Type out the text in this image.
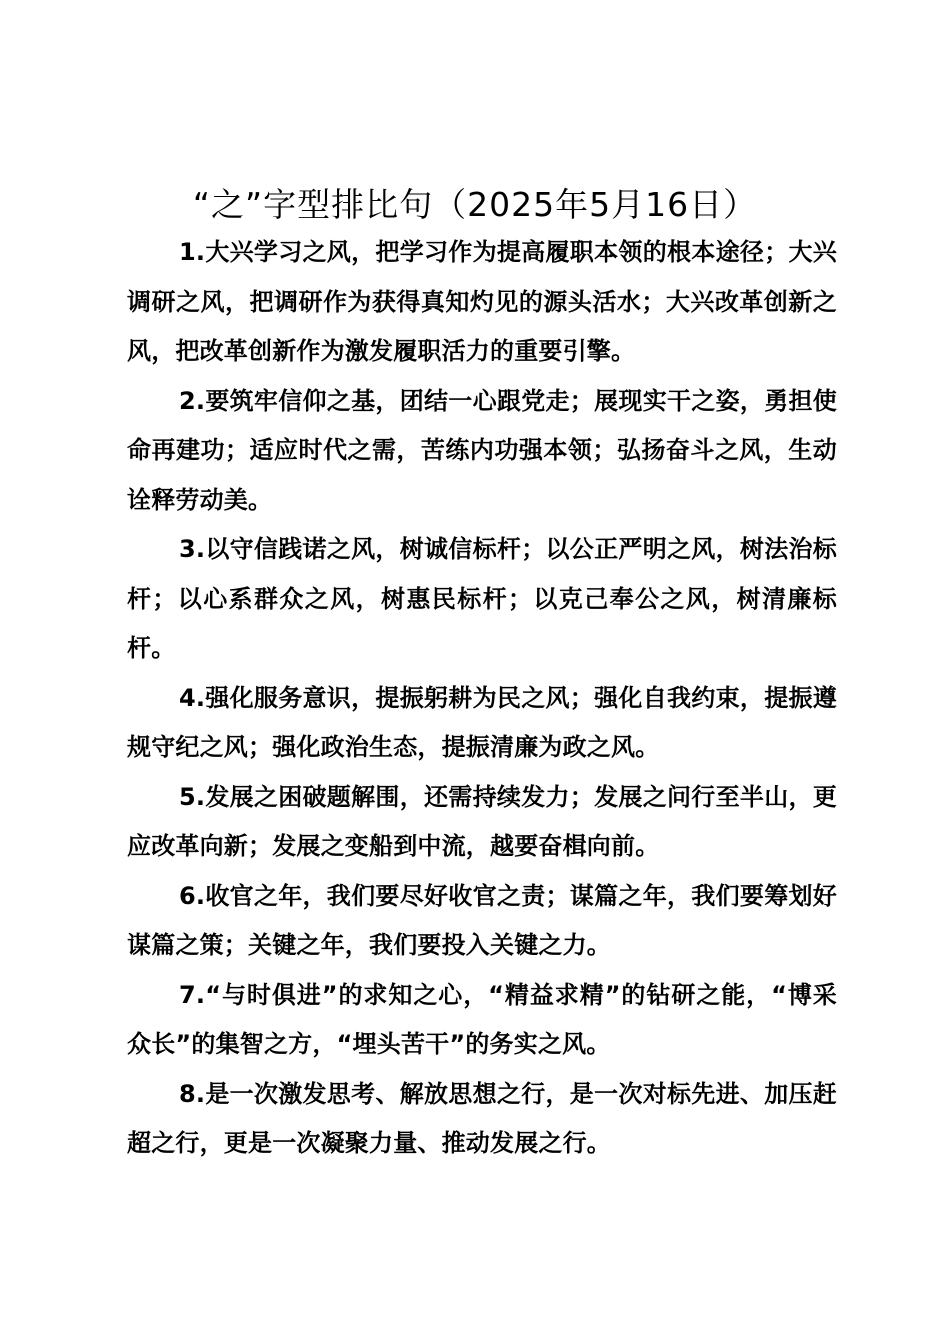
“之”字型排比句（2025年5月16日）

1.大兴学习之风，把学习作为提高履职本领的根本途径；大兴调研之风，把调研作为获得真知灼见的源头活水；大兴改革创新之风，把改革创新作为激发履职活力的重要引擎。

2.要筑牢信仰之基，团结一心跟党走；展现实干之姿，勇担使命再建功；适应时代之需，苦练内功强本领；弘扬奋斗之风，生动诠释劳动美。

3.以守信践诺之风，树诚信标杆；以公正严明之风，树法治标杆；以心系群众之风，树惠民标杆；以克己奉公之风，树清廉标杆。

4.强化服务意识，提振躬耕为民之风；强化自我约束，提振遵规守纪之风；强化政治生态，提振清廉为政之风。

5.发展之困破题解围，还需持续发力；发展之问行至半山，更应改革向新；发展之变船到中流，越要奋楫向前。

6.收官之年，我们要尽好收官之责；谋篇之年，我们要筹划好谋篇之策；关键之年，我们要投入关键之力。

7.“与时俱进”的求知之心，“精益求精”的钻研之能，“博采众长”的集智之方，“埋头苦干”的务实之风。

8.是一次激发思考、解放思想之行，是一次对标先进、加压赶超之行，更是一次凝聚力量、推动发展之行。
